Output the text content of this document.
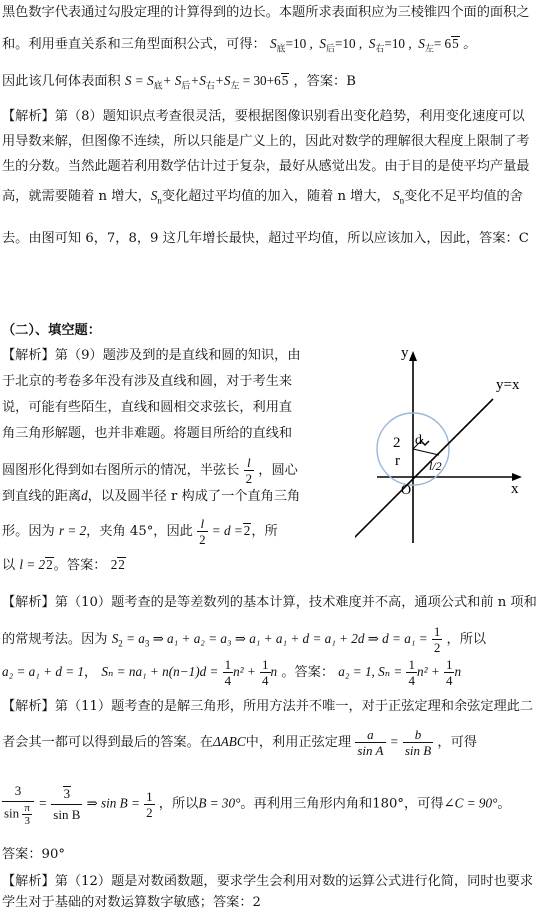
黑色数字代表通过勾股定理的计算得到的边长。本题所求表面积应为三棱锥四个面的面积之
和。利用垂直关系和三角型面积公式，可得： $S_底=10$ ,  $S_后=10$ ,  $S_右=10$ ,  $S_左= 65$ 。
因此该几何体表面积 $S = S_底+ S_后+S_右+S_左 = 30+65$ ，答案：B
【解析】第（8）题知识点考查很灵活，要根据图像识别看出变化趋势，利用变化速度可以
用导数来解，但图像不连续，所以只能是广义上的，因此对数学的理解很大程度上限制了考
生的分数。当然此题若利用数学估计过于复杂，最好从感觉出发。由于目的是使平均产量最
高，就需要随着 n 增大，$S_n$变化超过平均值的加入，随着 n 增大， $S_n$变化不足平均值的舍
去。由图可知 6，7，8，9 这几年增长最快，超过平均值，所以应该加入，因此，答案：C
（二）、填空题：
【解析】第（9）题涉及到的是直线和圆的知识，由
于北京的考卷多年没有涉及直线和圆，对于考生来
说，可能有些陌生，直线和圆相交求弦长，利用直
角三角形解题，也并非难题。将题目所给的直线和
圆图形化得到如右图所示的情况，半弦长 $\frac{l}{2}$ ，圆心
到直线的距离d，以及圆半径 r 构成了一个直角三角
形。因为 r = 2，夹角 45°，因此 $\frac{l}{2} = d =2$，所
以 l = 22。答案： 22
y
x
y=x
2
r
d
l/2
O
【解析】第（10）题考查的是等差数列的基本计算，技术难度并不高，通项公式和前 n 项和
的常规考法。因为 $S_2 = a_3$ ⇒ a₁ + a₂ = a₃ ⇒ a₁ + a₁ + d = a₁ + 2d ⇒ $d = a_1 = \frac{1}{2}$ ，所以
a₂ = a₁ + d = 1， $S_n = na_1 + n(n-1)d = \frac{1}{4} n^2 + \frac{1}{4}$ n 。答案： a₂ = 1, $S_n = \frac{1}{4} n^2 + \frac{1}{4}$ n
【解析】第（11）题考查的是解三角形，所用方法并不唯一，对于正弦定理和余弦定理此二
者会其一都可以得到最后的答案。在ΔABC中，利用正弦定理 $\frac{a}{\text{sin A}} = \frac{b}{\text{sin B}}$ ，可得
$\frac{3}{\sin \frac{\pi}{3}} = \frac{3}{\text{sin B}}$ ⇒ $\sin B = \frac{1}{2}$ ，所以B = 30°。再利用三角形内角和180°，可得∠C = 90°。
答案：90°
【解析】第（12）题是对数函数题，要求学生会利用对数的运算公式进行化简，同时也要求
学生对于基础的对数运算数字敏感；答案：2
